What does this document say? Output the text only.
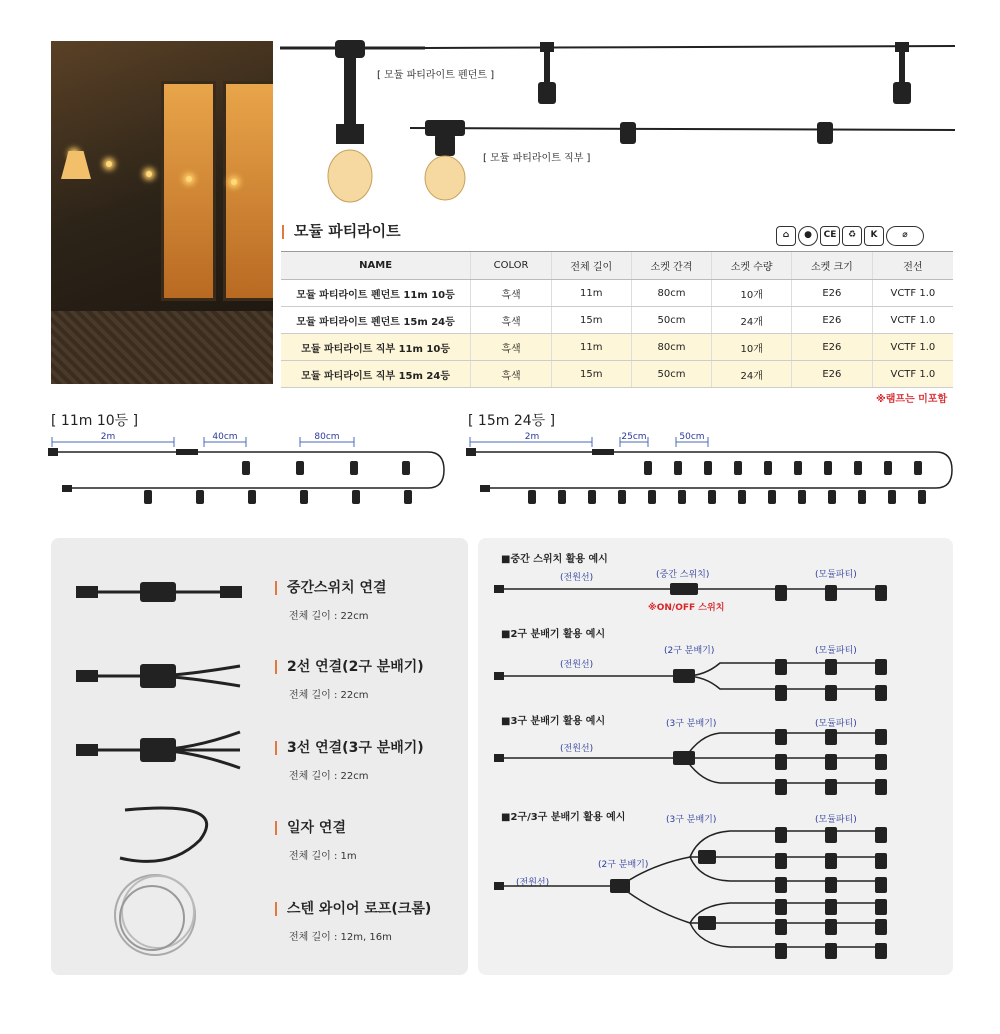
[ 모듈 파티라이트 펜던트 ]
[ 모듈 파티라이트 직부 ]
모듈 파티라이트	⌂ ● CE ♻ K	⌀
NAME	COLOR	전체 길이	소켓 간격	소켓 수량	소켓 크기	전선
모듈 파티라이트 펜던트 11m 10등	흑색	11m	80cm	10개	E26	VCTF 1.0
모듈 파티라이트 펜던트 15m 24등	흑색	15m	50cm	24개	E26	VCTF 1.0
모듈 파티라이트 직부 11m 10등	흑색	11m	80cm	10개	E26	VCTF 1.0
모듈 파티라이트 직부 15m 24등	흑색	15m	50cm	24개	E26	VCTF 1.0
※램프는 미포함
[ 11m 10등 ]	[ 15m 24등 ]
2m	40cm	80cm	2m	25cm	50cm
중간스위치 연결
전체 길이 : 22cm
2선 연결(2구 분배기)
전체 길이 : 22cm
3선 연결(3구 분배기)
전체 길이 : 22cm
일자 연결
전체 길이 : 1m
스텐 와이어 로프(크롬)
전체 길이 : 12m, 16m
■중간 스위치 활용 예시
(전원선)	(중간 스위치)	(모듈파티)
※ON/OFF 스위치
■2구 분배기 활용 예시
(전원선)
(2구 분배기)	(모듈파티)
■3구 분배기 활용 예시
(전원선)
(3구 분배기)	(모듈파티)
■2구/3구 분배기 활용 예시	(3구 분배기)	(모듈파티)
(2구 분배기)
(전원선)
